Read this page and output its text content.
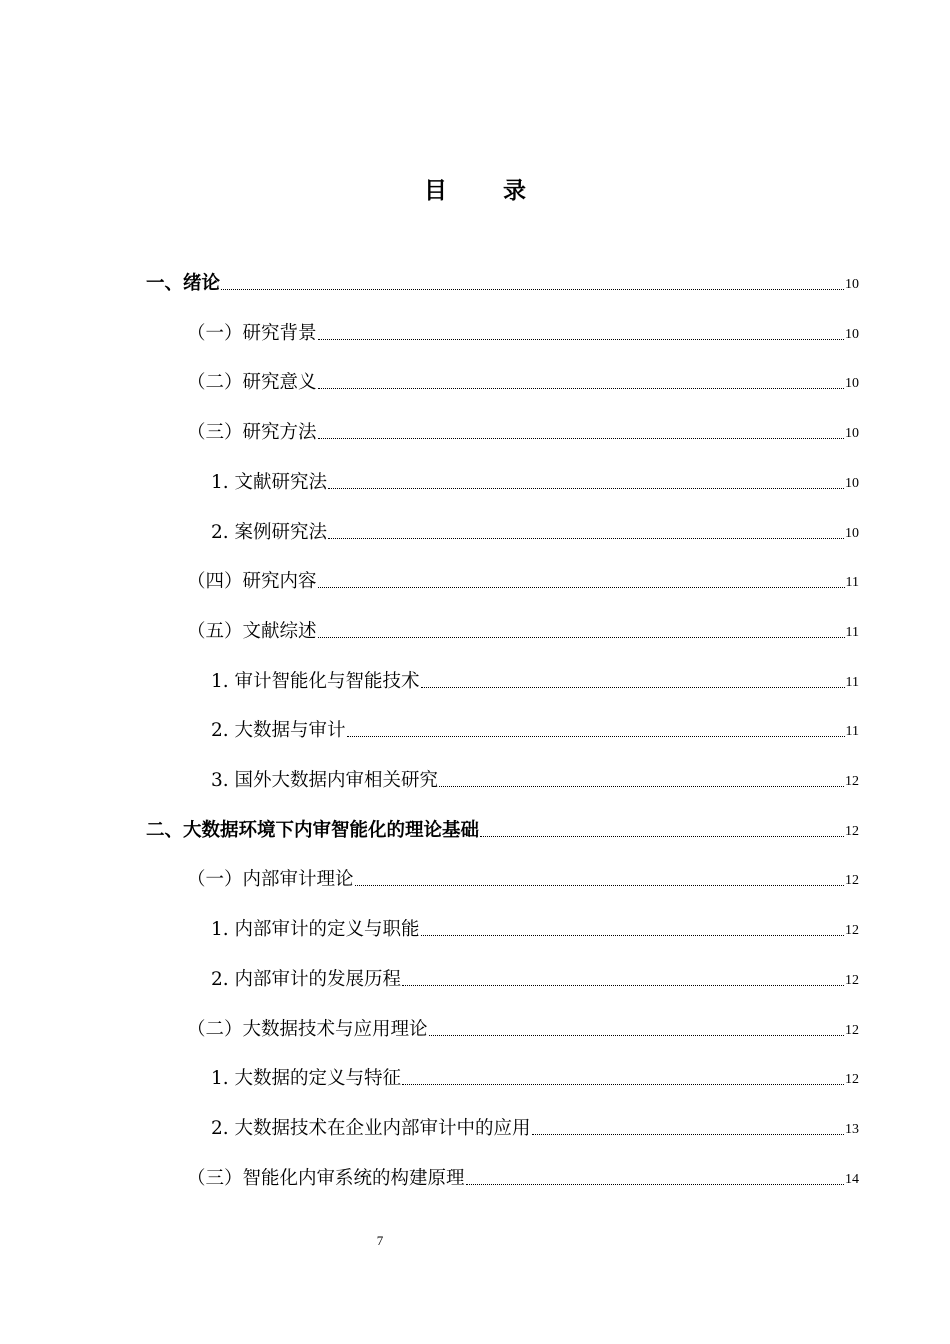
目 录
一、绪论	10
（一）研究背景	10
（二）研究意义	10
（三）研究方法	10
1. 文献研究法	10
2. 案例研究法	10
（四）研究内容	11
（五）文献综述	11
1. 审计智能化与智能技术	11
2. 大数据与审计	11
3. 国外大数据内审相关研究	12
二、大数据环境下内审智能化的理论基础	12
（一）内部审计理论	12
1. 内部审计的定义与职能	12
2. 内部审计的发展历程	12
（二）大数据技术与应用理论	12
1. 大数据的定义与特征	12
2. 大数据技术在企业内部审计中的应用	13
（三）智能化内审系统的构建原理	14
7
